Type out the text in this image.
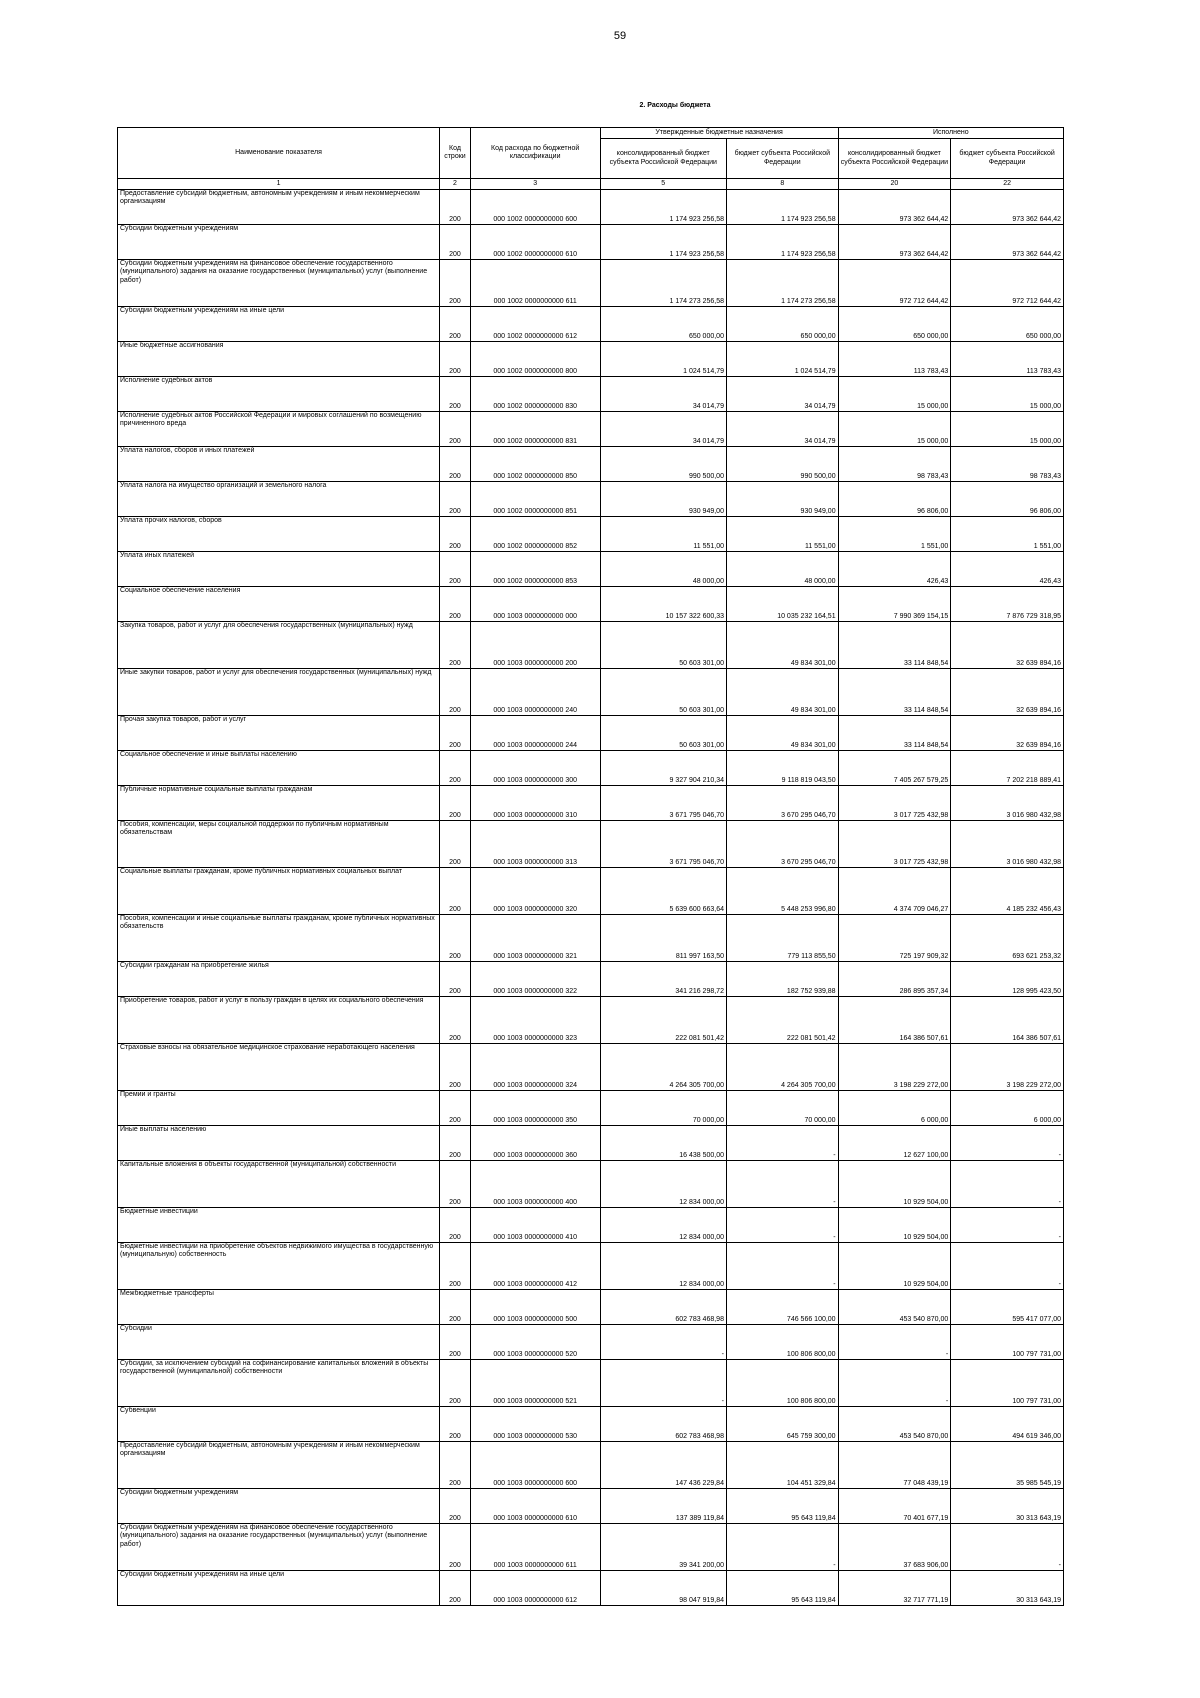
59
2. Расходы бюджета
Наименование показателя	Код строки	Код расхода по бюджетной классификации	Утвержденные бюджетные назначения		Исполнено	
			консолидированный бюджет субъекта Российской Федерации	бюджет субъекта Российской Федерации	консолидированный бюджет субъекта Российской Федерации	бюджет субъекта Российской Федерации
1	2	3	5	8	20	22
Предоставление субсидий бюджетным, автономным учреждениям и иным некоммерческим организациям	200	000 1002 0000000000 600	1 174 923 256,58	1 174 923 256,58	973 362 644,42	973 362 644,42
Субсидии бюджетным учреждениям	200	000 1002 0000000000 610	1 174 923 256,58	1 174 923 256,58	973 362 644,42	973 362 644,42
Субсидии бюджетным учреждениям на финансовое обеспечение государственного (муниципального) задания на оказание государственных (муниципальных) услуг (выполнение работ)	200	000 1002 0000000000 611	1 174 273 256,58	1 174 273 256,58	972 712 644,42	972 712 644,42
Субсидии бюджетным учреждениям на иные цели	200	000 1002 0000000000 612	650 000,00	650 000,00	650 000,00	650 000,00
Иные бюджетные ассигнования	200	000 1002 0000000000 800	1 024 514,79	1 024 514,79	113 783,43	113 783,43
Исполнение судебных актов	200	000 1002 0000000000 830	34 014,79	34 014,79	15 000,00	15 000,00
Исполнение судебных актов Российской Федерации и мировых соглашений по возмещению причиненного вреда	200	000 1002 0000000000 831	34 014,79	34 014,79	15 000,00	15 000,00
Уплата налогов, сборов и иных платежей	200	000 1002 0000000000 850	990 500,00	990 500,00	98 783,43	98 783,43
Уплата налога на имущество организаций и земельного налога	200	000 1002 0000000000 851	930 949,00	930 949,00	96 806,00	96 806,00
Уплата прочих налогов, сборов	200	000 1002 0000000000 852	11 551,00	11 551,00	1 551,00	1 551,00
Уплата иных платежей	200	000 1002 0000000000 853	48 000,00	48 000,00	426,43	426,43
Социальное обеспечение населения	200	000 1003 0000000000 000	10 157 322 600,33	10 035 232 164,51	7 990 369 154,15	7 876 729 318,95
Закупка товаров, работ и услуг для обеспечения государственных (муниципальных) нужд	200	000 1003 0000000000 200	50 603 301,00	49 834 301,00	33 114 848,54	32 639 894,16
Иные закупки товаров, работ и услуг для обеспечения государственных (муниципальных) нужд	200	000 1003 0000000000 240	50 603 301,00	49 834 301,00	33 114 848,54	32 639 894,16
Прочая закупка товаров, работ и услуг	200	000 1003 0000000000 244	50 603 301,00	49 834 301,00	33 114 848,54	32 639 894,16
Социальное обеспечение и иные выплаты населению	200	000 1003 0000000000 300	9 327 904 210,34	9 118 819 043,50	7 405 267 579,25	7 202 218 889,41
Публичные нормативные социальные выплаты гражданам	200	000 1003 0000000000 310	3 671 795 046,70	3 670 295 046,70	3 017 725 432,98	3 016 980 432,98
Пособия, компенсации, меры социальной поддержки по публичным нормативным обязательствам	200	000 1003 0000000000 313	3 671 795 046,70	3 670 295 046,70	3 017 725 432,98	3 016 980 432,98
Социальные выплаты гражданам, кроме публичных нормативных социальных выплат	200	000 1003 0000000000 320	5 639 600 663,64	5 448 253 996,80	4 374 709 046,27	4 185 232 456,43
Пособия, компенсации и иные социальные выплаты гражданам, кроме публичных нормативных обязательств	200	000 1003 0000000000 321	811 997 163,50	779 113 855,50	725 197 909,32	693 621 253,32
Субсидии гражданам на приобретение жилья	200	000 1003 0000000000 322	341 216 298,72	182 752 939,88	286 895 357,34	128 995 423,50
Приобретение товаров, работ и услуг в пользу граждан в целях их социального обеспечения	200	000 1003 0000000000 323	222 081 501,42	222 081 501,42	164 386 507,61	164 386 507,61
Страховые взносы на обязательное медицинское страхование неработающего населения	200	000 1003 0000000000 324	4 264 305 700,00	4 264 305 700,00	3 198 229 272,00	3 198 229 272,00
Премии и гранты	200	000 1003 0000000000 350	70 000,00	70 000,00	6 000,00	6 000,00
Иные выплаты населению	200	000 1003 0000000000 360	16 438 500,00	-	12 627 100,00	-
Капитальные вложения в объекты государственной (муниципальной) собственности	200	000 1003 0000000000 400	12 834 000,00	-	10 929 504,00	-
Бюджетные инвестиции	200	000 1003 0000000000 410	12 834 000,00	-	10 929 504,00	-
Бюджетные инвестиции на приобретение объектов недвижимого имущества в государственную (муниципальную) собственность	200	000 1003 0000000000 412	12 834 000,00	-	10 929 504,00	-
Межбюджетные трансферты	200	000 1003 0000000000 500	602 783 468,98	746 566 100,00	453 540 870,00	595 417 077,00
Субсидии	200	000 1003 0000000000 520	-	100 806 800,00	-	100 797 731,00
Субсидии, за исключением субсидий на софинансирование капитальных вложений в объекты государственной (муниципальной) собственности	200	000 1003 0000000000 521	-	100 806 800,00	-	100 797 731,00
Субвенции	200	000 1003 0000000000 530	602 783 468,98	645 759 300,00	453 540 870,00	494 619 346,00
Предоставление субсидий бюджетным, автономным учреждениям и иным некоммерческим организациям	200	000 1003 0000000000 600	147 436 229,84	104 451 329,84	77 048 439,19	35 985 545,19
Субсидии бюджетным учреждениям	200	000 1003 0000000000 610	137 389 119,84	95 643 119,84	70 401 677,19	30 313 643,19
Субсидии бюджетным учреждениям на финансовое обеспечение государственного (муниципального) задания на оказание государственных (муниципальных) услуг (выполнение работ)	200	000 1003 0000000000 611	39 341 200,00	-	37 683 906,00	-
Субсидии бюджетным учреждениям на иные цели	200	000 1003 0000000000 612	98 047 919,84	95 643 119,84	32 717 771,19	30 313 643,19
